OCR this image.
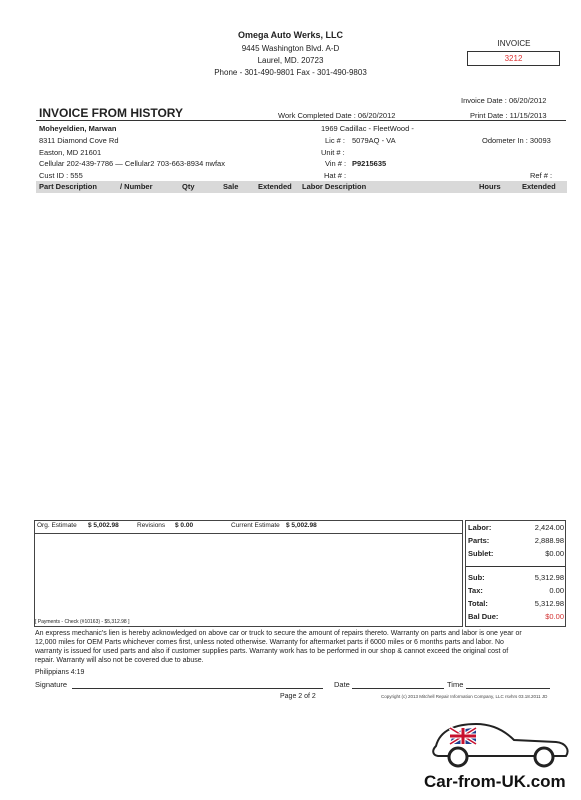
Omega Auto Werks, LLC
9445 Washington Blvd. A-D
Laurel, MD. 20723
Phone - 301-490-9801 Fax - 301-490-9803
INVOICE
3212
Invoice Date : 06/20/2012
INVOICE FROM HISTORY	Work Completed Date : 06/20/2012	Print Date : 11/15/2013
Moheyeldien, Marwan
8311 Diamond Cove Rd
Easton, MD 21601
Cellular 202-439-7786 — Cellular2 703-663-8934 nwfax
Cust ID : 555
1969 Cadillac - FleetWood -
Lic # : 5079AQ - VA
Unit # :
Vin # : P9215635
Hat # :
Odometer In : 30093
Ref # :
Part Description	/ Number	Qty	Sale	Extended Labor Description	Hours	Extended
Org. Estimate $ 5,002.98	Revisions $ 0.00	Current Estimate $ 5,002.98	Labor:	2,424.00
Parts:	2,888.98
Sublet:	$0.00
Sub:	5,312.98
Tax:	0.00
Total:	5,312.98
Bal Due:	$0.00
[ Payments - Check (#10163) - $5,312.98 ]
An express mechanic's lien is hereby acknowledged on above car or truck to secure the amount of repairs thereto. Warranty on parts and labor is one year or 12,000 miles for OEM Parts whichever comes first, unless noted otherwise. Warranty for aftermarket parts if 6000 miles or 6 months parts and labor. No warranty is issued for used parts and also if customer supplies parts. Warranty work has to be performed in our shop & cannot exceed the original cost of repair. Warranty will also not be covered due to abuse.
Philippians 4:19
Signature	Date	Time
Page 2 of 2	Copyright (c) 2013 Mitchell Repair Information Company, LLC rsvhrs 03.18.2011 JD
Car-from-UK.com
